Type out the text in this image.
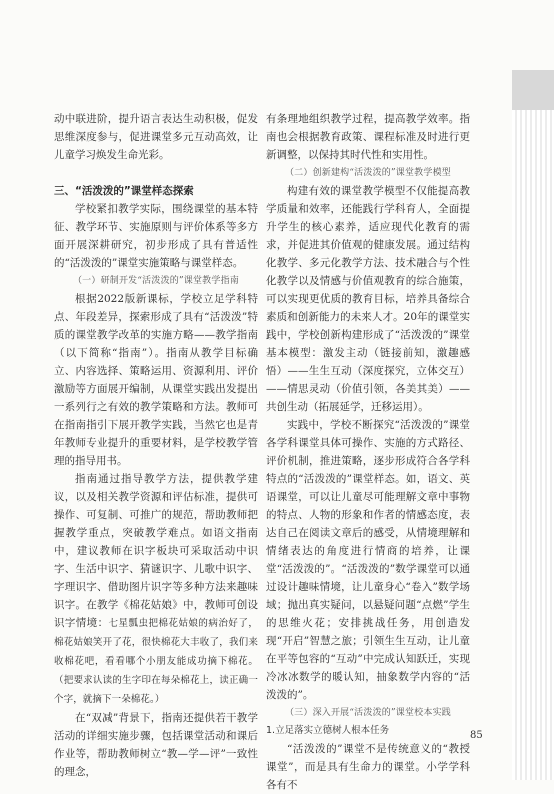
动中联进阶，提升语言表达生动积极，促发思维深度参与，促进课堂多元互动高效，让儿童学习焕发生命光彩。

三、“活泼泼的”课堂样态探索

学校紧扣教学实际，围绕课堂的基本特征、教学环节、实施原则与评价体系等多方面开展深耕研究，初步形成了具有普适性的“活泼泼的”课堂实施策略与课堂样态。

（一）研制开发“活泼泼的”课堂教学指南

根据2022版新课标，学校立足学科特点、年段差异，探索形成了具有“活泼泼”特质的课堂教学改革的实施方略——教学指南（以下简称“指南”）。指南从教学目标确立、内容选择、策略运用、资源利用、评价激励等方面展开编制，从课堂实践出发提出一系列行之有效的教学策略和方法。教师可在指南指引下展开教学实践，当然它也是青年教师专业提升的重要材料，是学校教学管理的指导用书。

指南通过指导教学方法，提供教学建议，以及相关教学资源和评估标准，提供可操作、可复制、可推广的规范，帮助教师把握教学重点，突破教学难点。如语文指南中，建议教师在识字板块可采取活动中识字、生活中识字、猜谜识字、儿歌中识字、字理识字、借助图片识字等多种方法来趣味识字。在教学《棉花姑娘》中，教师可创设识字情境：七星瓢虫把棉花姑娘的病治好了，棉花姑娘笑开了花，很快棉花大丰收了，我们来收棉花吧，看看哪个小朋友能成功摘下棉花。（把要求认读的生字印在每朵棉花上，读正确一个字，就摘下一朵棉花。）

在“双减”背景下，指南还提供若干教学活动的详细实施步骤，包括课堂活动和课后作业等，帮助教师树立“教—学—评”一致性的理念，

有条理地组织教学过程，提高教学效率。指南也会根据教育政策、课程标准及时进行更新调整，以保持其时代性和实用性。

（二）创新建构“活泼泼的”课堂教学模型

构建有效的课堂教学模型不仅能提高教学质量和效率，还能践行学科育人，全面提升学生的核心素养，适应现代化教育的需求，并促进其价值观的健康发展。通过结构化教学、多元化教学方法、技术融合与个性化教学以及情感与价值观教育的综合施策，可以实现更优质的教育目标，培养具备综合素质和创新能力的未来人才。20年的课堂实践中，学校创新构建形成了“活泼泼的”课堂基本模型：激发主动（链接前知，激趣感悟）——生生互动（深度探究，立体交互）——情思灵动（价值引领，各美其美）——共创生动（拓展延学，迁移运用）。

实践中，学校不断探究“活泼泼的”课堂各学科课堂具体可操作、实施的方式路径、评价机制，推进策略，逐步形成符合各学科特点的“活泼泼的”课堂样态。如，语文、英语课堂，可以让儿童尽可能理解文章中事物的特点、人物的形象和作者的情感态度，表达自己在阅读文章后的感受，从情境理解和情绪表达的角度进行情商的培养，让课堂“活泼泼的”。“活泼泼的”数学课堂可以通过设计趣味情境，让儿童身心“卷入”数学场域；抛出真实疑问，以悬疑问题“点燃”学生的思维火花；安排挑战任务，用创造发现“开启”智慧之旅；引领生生互动，让儿童在平等包容的“互动”中完成认知跃迁，实现冷冰冰数学的暖认知，抽象数学内容的“活泼泼的”。

（三）深入开展“活泼泼的”课堂校本实践

1.立足落实立德树人根本任务

“活泼泼的”课堂不是传统意义的“教授课堂”，而是具有生命力的课堂。小学学科各有不

85
